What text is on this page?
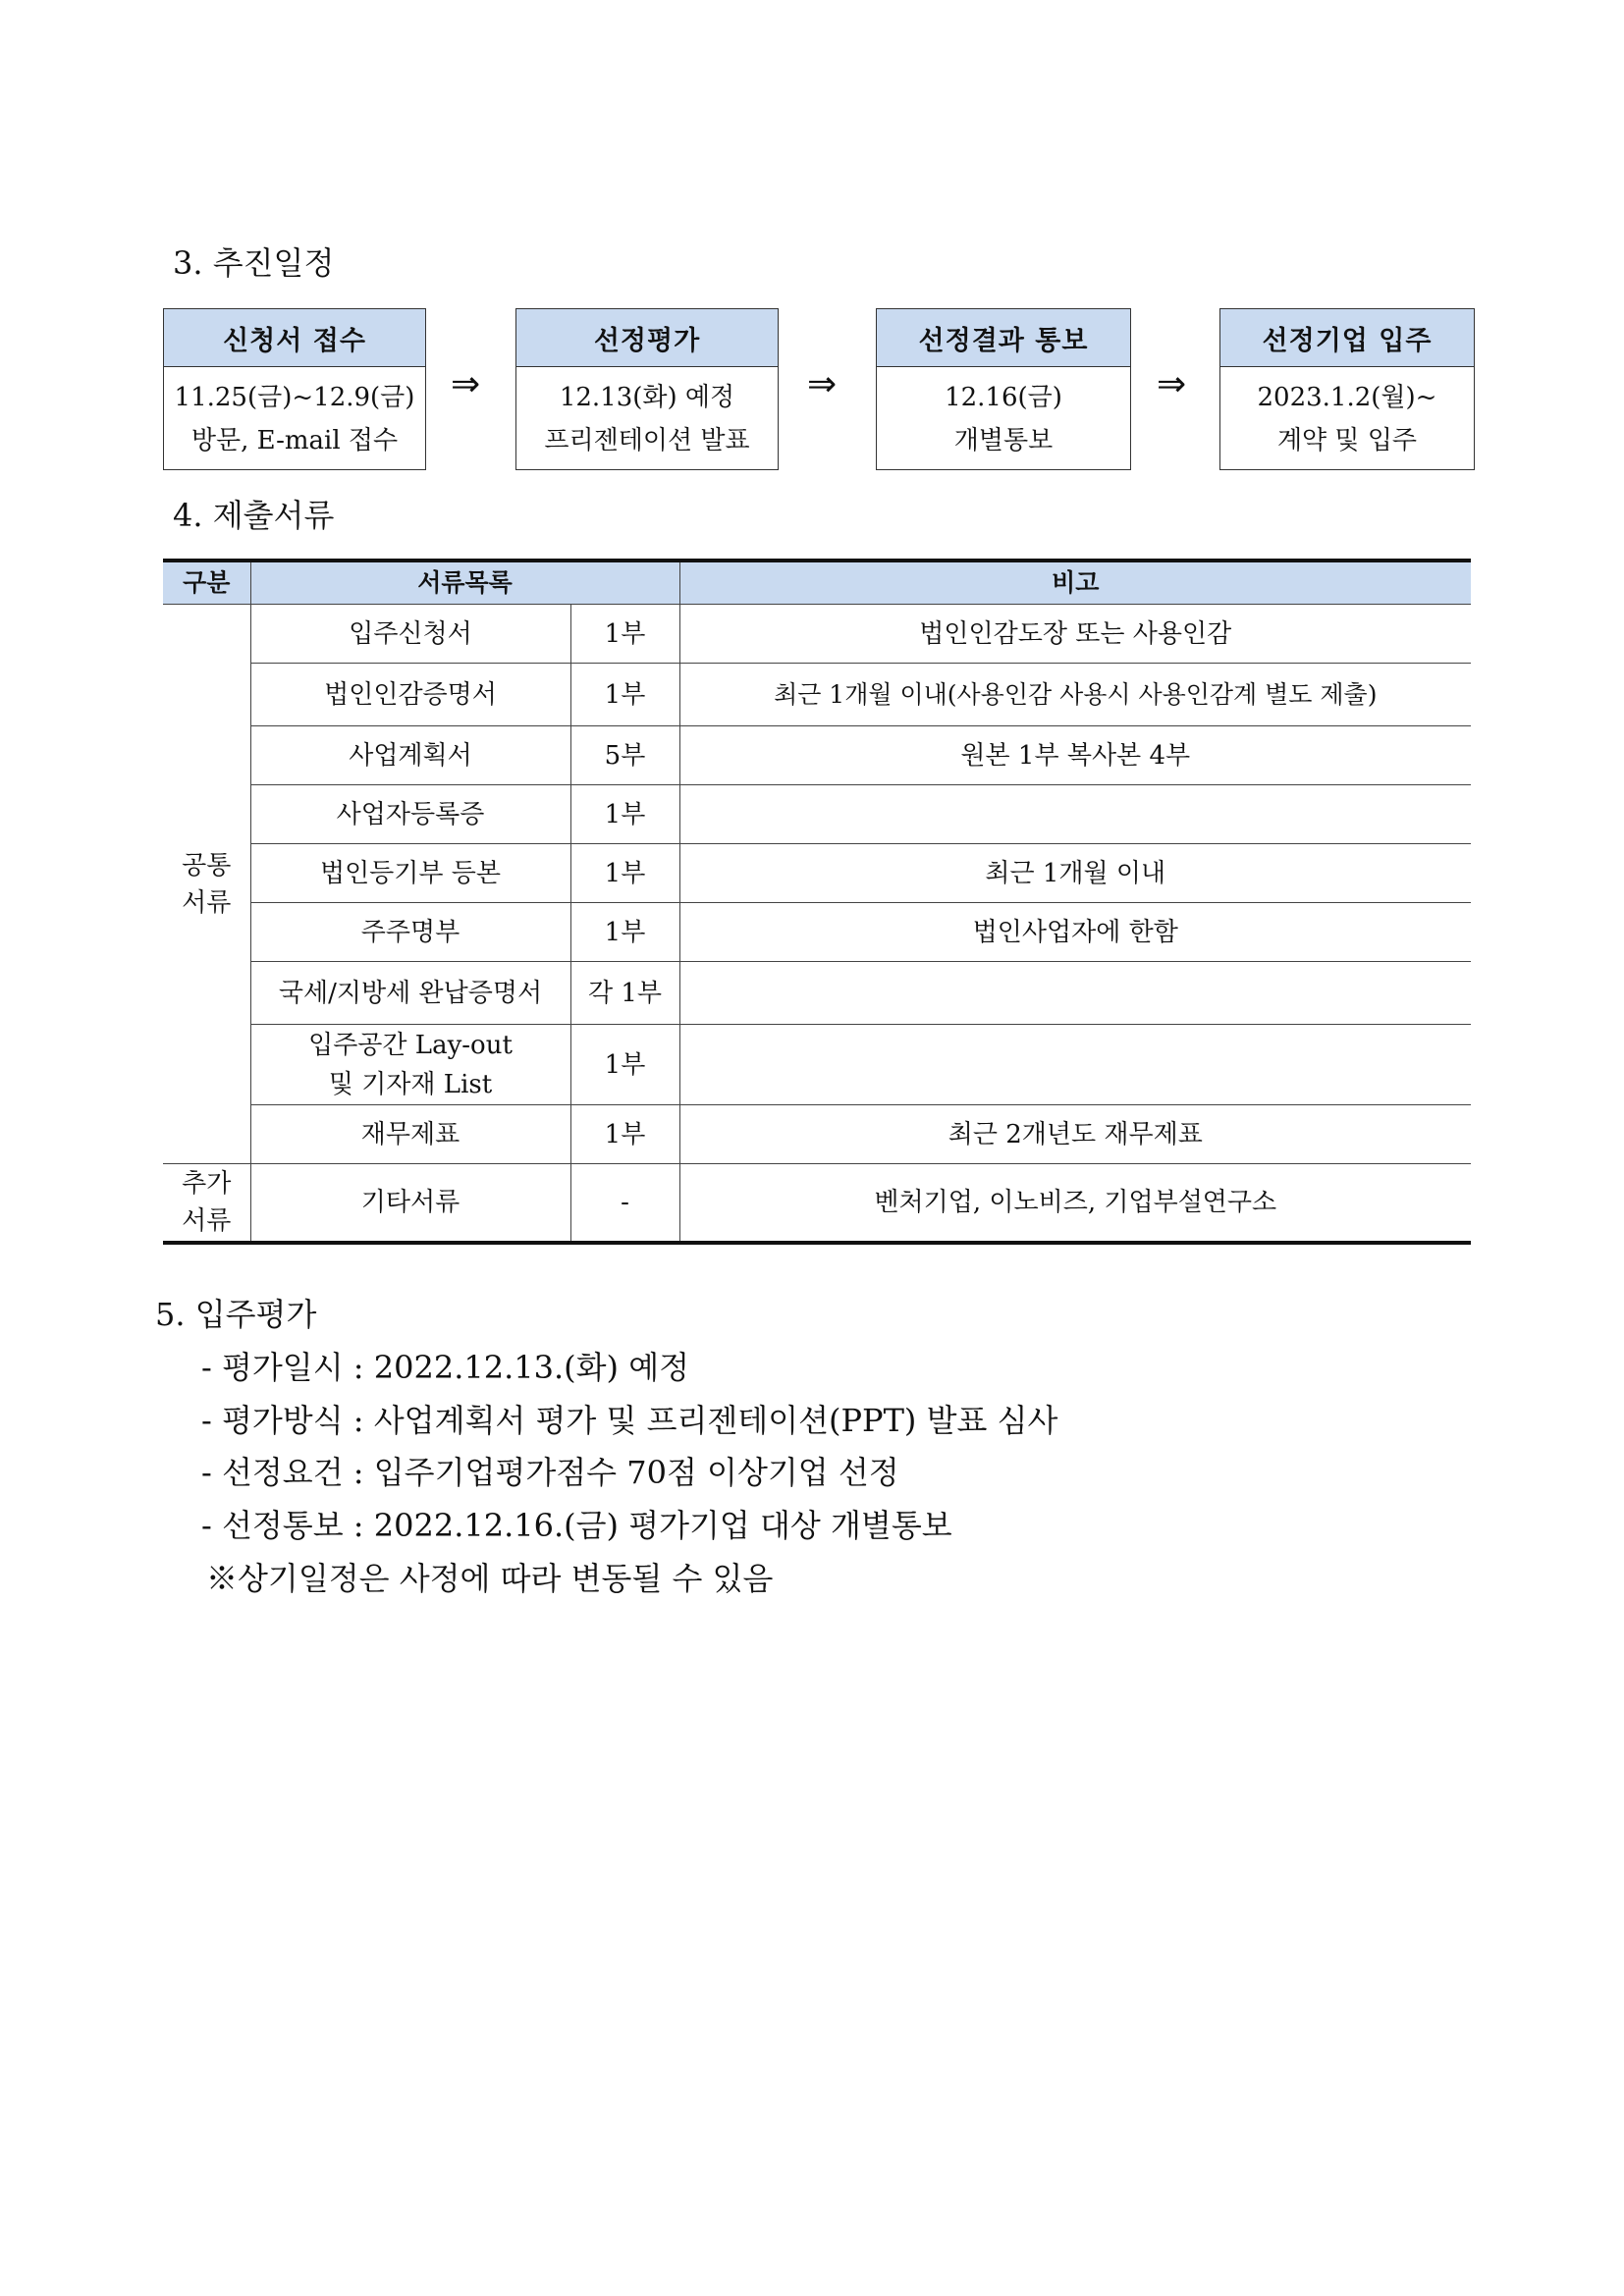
3. 추진일정
신청서 접수
11.25(금)~12.9(금)
방문, E-mail 접수
⇒
선정평가
12.13(화) 예정
프리젠테이션 발표
⇒
선정결과 통보
12.16(금)
개별통보
⇒
선정기업 입주
2023.1.2(월)~
계약 및 입주
4. 제출서류
구분	서류목록		비고

공통
서류	입주신청서	1부	법인인감도장 또는 사용인감
	법인인감증명서	1부	최근 1개월 이내(사용인감 사용시 사용인감계 별도 제출)
	사업계획서	5부	원본 1부 복사본 4부
	사업자등록증	1부	
	법인등기부 등본	1부	최근 1개월 이내
	주주명부	1부	법인사업자에 한함
	국세/지방세 완납증명서	각 1부	

	입주공간 Lay-out
및 기자재 List	1부	
	재무제표	1부	최근 2개년도 재무제표

추가
서류	기타서류	-	벤처기업, 이노비즈, 기업부설연구소
5. 입주평가
- 평가일시 : 2022.12.13.(화) 예정
- 평가방식 : 사업계획서 평가 및 프리젠테이션(PPT) 발표 심사
- 선정요건 : 입주기업평가점수 70점 이상기업 선정
- 선정통보 : 2022.12.16.(금) 평가기업 대상 개별통보
※상기일정은 사정에 따라 변동될 수 있음
